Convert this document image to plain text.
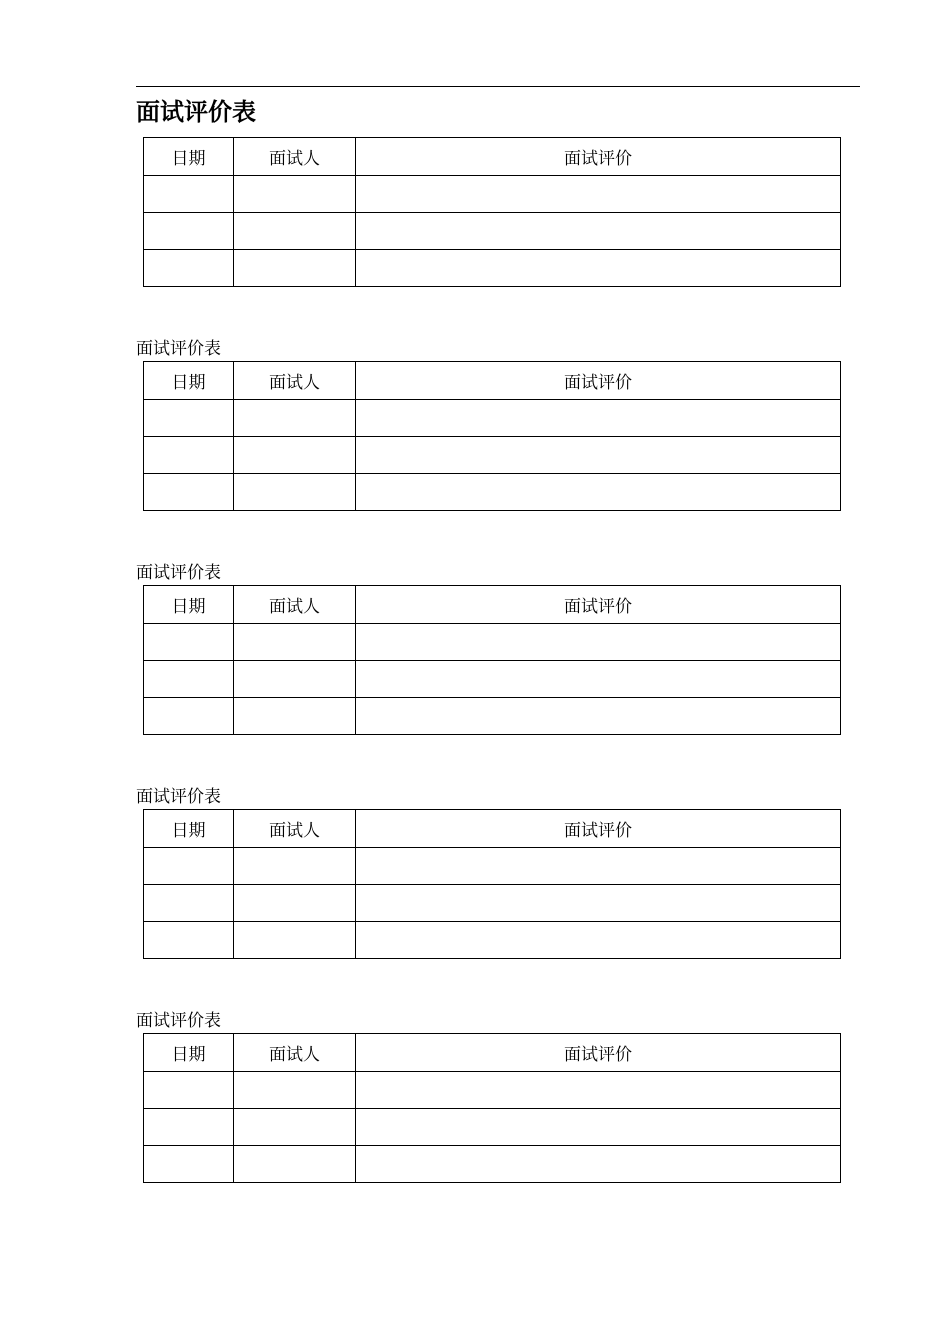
面试评价表
日期	面试人	面试评价

面试评价表
日期	面试人	面试评价

面试评价表
日期	面试人	面试评价

面试评价表
日期	面试人	面试评价

面试评价表
日期	面试人	面试评价
